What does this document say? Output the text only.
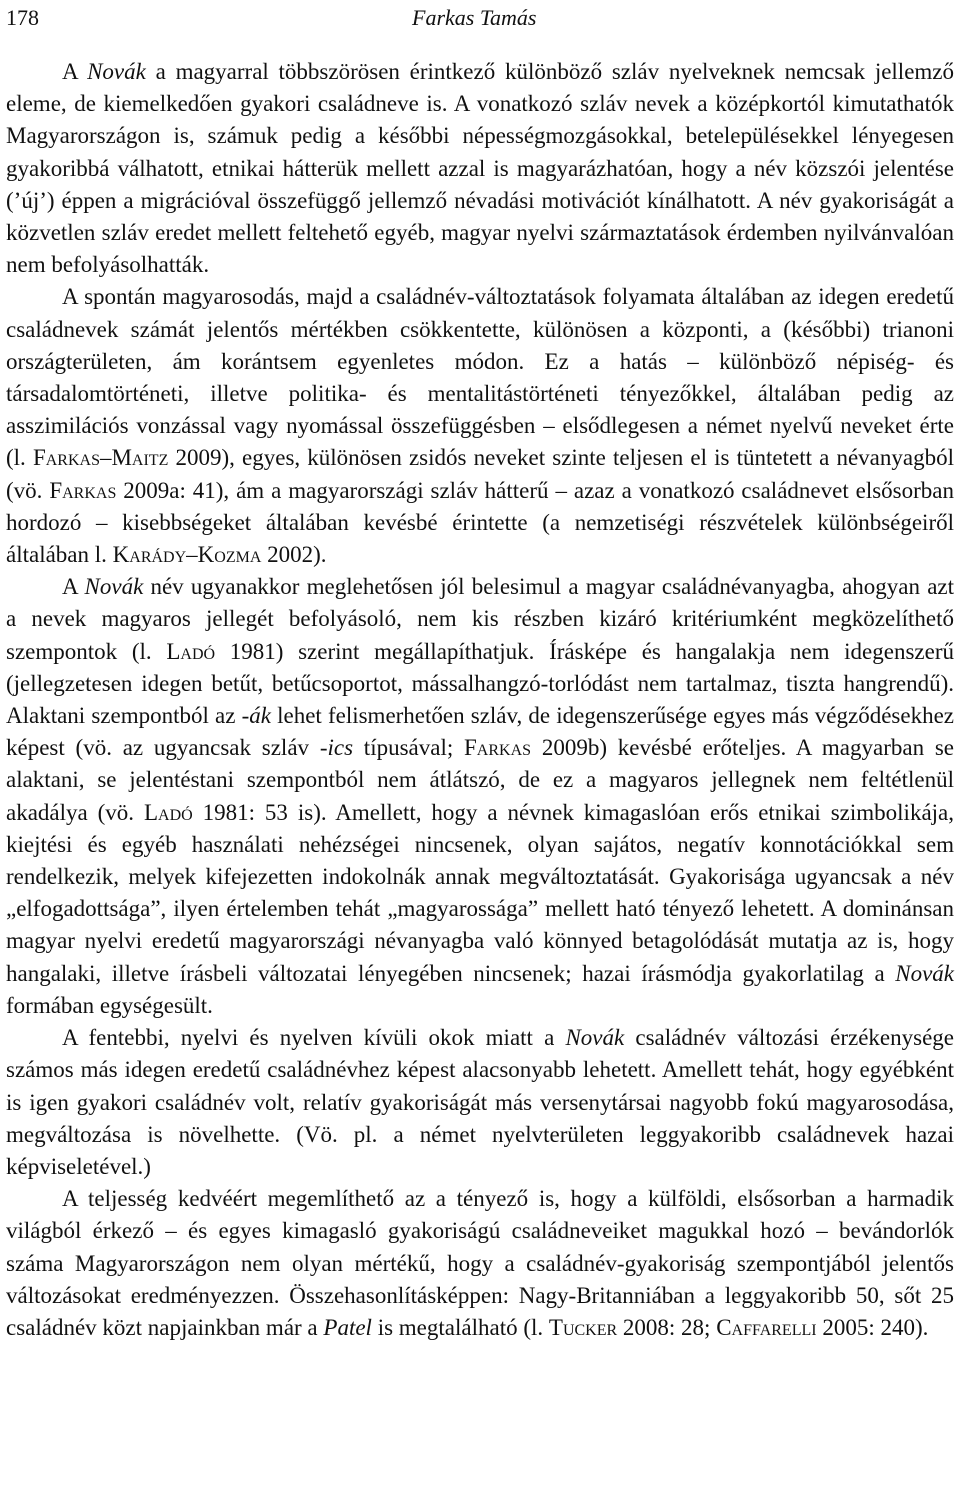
178	Farkas Tamás

A Novák a magyarral többszörösen érintkező különböző szláv nyelveknek nemcsak jellemző eleme, de kiemelkedően gyakori családneve is. A vonatkozó szláv nevek a középkortól kimutathatók Magyarországon is, számuk pedig a későbbi népességmozgásokkal, betelepülésekkel lényegesen gyakoribbá válhatott, etnikai hátterük mellett azzal is magyarázhatóan, hogy a név közszói jelentése (’új’) éppen a migrációval összefüggő jellemző névadási motivációt kínálhatott. A név gyakoriságát a közvetlen szláv eredet mellett feltehető egyéb, magyar nyelvi származtatások érdemben nyilvánvalóan nem befolyásolhatták.

A spontán magyarosodás, majd a családnév-változtatások folyamata általában az idegen eredetű családnevek számát jelentős mértékben csökkentette, különösen a központi, a (későbbi) trianoni országterületen, ám korántsem egyenletes módon. Ez a hatás – különböző népiség- és társadalomtörténeti, illetve politika- és mentalitástörténeti tényezőkkel, általában pedig az asszimilációs vonzással vagy nyomással összefüggésben – elsődlegesen a német nyelvű neveket érte (l. Farkas–Maitz 2009), egyes, különösen zsidós neveket szinte teljesen el is tüntetett a névanyagból (vö. Farkas 2009a: 41), ám a magyarországi szláv hátterű – azaz a vonatkozó családnevet elsősorban hordozó – kisebbségeket általában kevésbé érintette (a nemzetiségi részvételek különbségeiről általában l. Karády–Kozma 2002).

A Novák név ugyanakkor meglehetősen jól belesimul a magyar családnévanyagba, ahogyan azt a nevek magyaros jellegét befolyásoló, nem kis részben kizáró kritériumként megközelíthető szempontok (l. Ladó 1981) szerint megállapíthatjuk. Írásképe és hangalakja nem idegenszerű (jellegzetesen idegen betűt, betűcsoportot, mássalhangzó-torlódást nem tartalmaz, tiszta hangrendű). Alaktani szempontból az -ák lehet felismerhetően szláv, de idegenszerűsége egyes más végződésekhez képest (vö. az ugyancsak szláv -ics típusával; Farkas 2009b) kevésbé erőteljes. A magyarban se alaktani, se jelentéstani szempontból nem átlátszó, de ez a magyaros jellegnek nem feltétlenül akadálya (vö. Ladó 1981: 53 is). Amellett, hogy a névnek kimagaslóan erős etnikai szimbolikája, kiejtési és egyéb használati nehézségei nincsenek, olyan sajátos, negatív konnotációkkal sem rendelkezik, melyek kifejezetten indokolnák annak megváltoztatását. Gyakorisága ugyancsak a név „elfogadottsága”, ilyen értelemben tehát „magyarossága” mellett ható tényező lehetett. A dominánsan magyar nyelvi eredetű magyarországi névanyagba való könnyed betagolódását mutatja az is, hogy hangalaki, illetve írásbeli változatai lényegében nincsenek; hazai írásmódja gyakorlatilag a Novák formában egységesült.

A fentebbi, nyelvi és nyelven kívüli okok miatt a Novák családnév változási érzékenysége számos más idegen eredetű családnévhez képest alacsonyabb lehetett. Amellett tehát, hogy egyébként is igen gyakori családnév volt, relatív gyakoriságát más versenytársai nagyobb fokú magyarosodása, megváltozása is növelhette. (Vö. pl. a német nyelvterületen leggyakoribb családnevek hazai képviseletével.)

A teljesség kedvéért megemlíthető az a tényező is, hogy a külföldi, elsősorban a harmadik világból érkező – és egyes kimagasló gyakoriságú családneveiket magukkal hozó – bevándorlók száma Magyarországon nem olyan mértékű, hogy a családnév-gyakoriság szempontjából jelentős változásokat eredményezzen. Összehasonlításképpen: Nagy-Britanniában a leggyakoribb 50, sőt 25 családnév közt napjainkban már a Patel is megtalálható (l. Tucker 2008: 28; Caffarelli 2005: 240).
